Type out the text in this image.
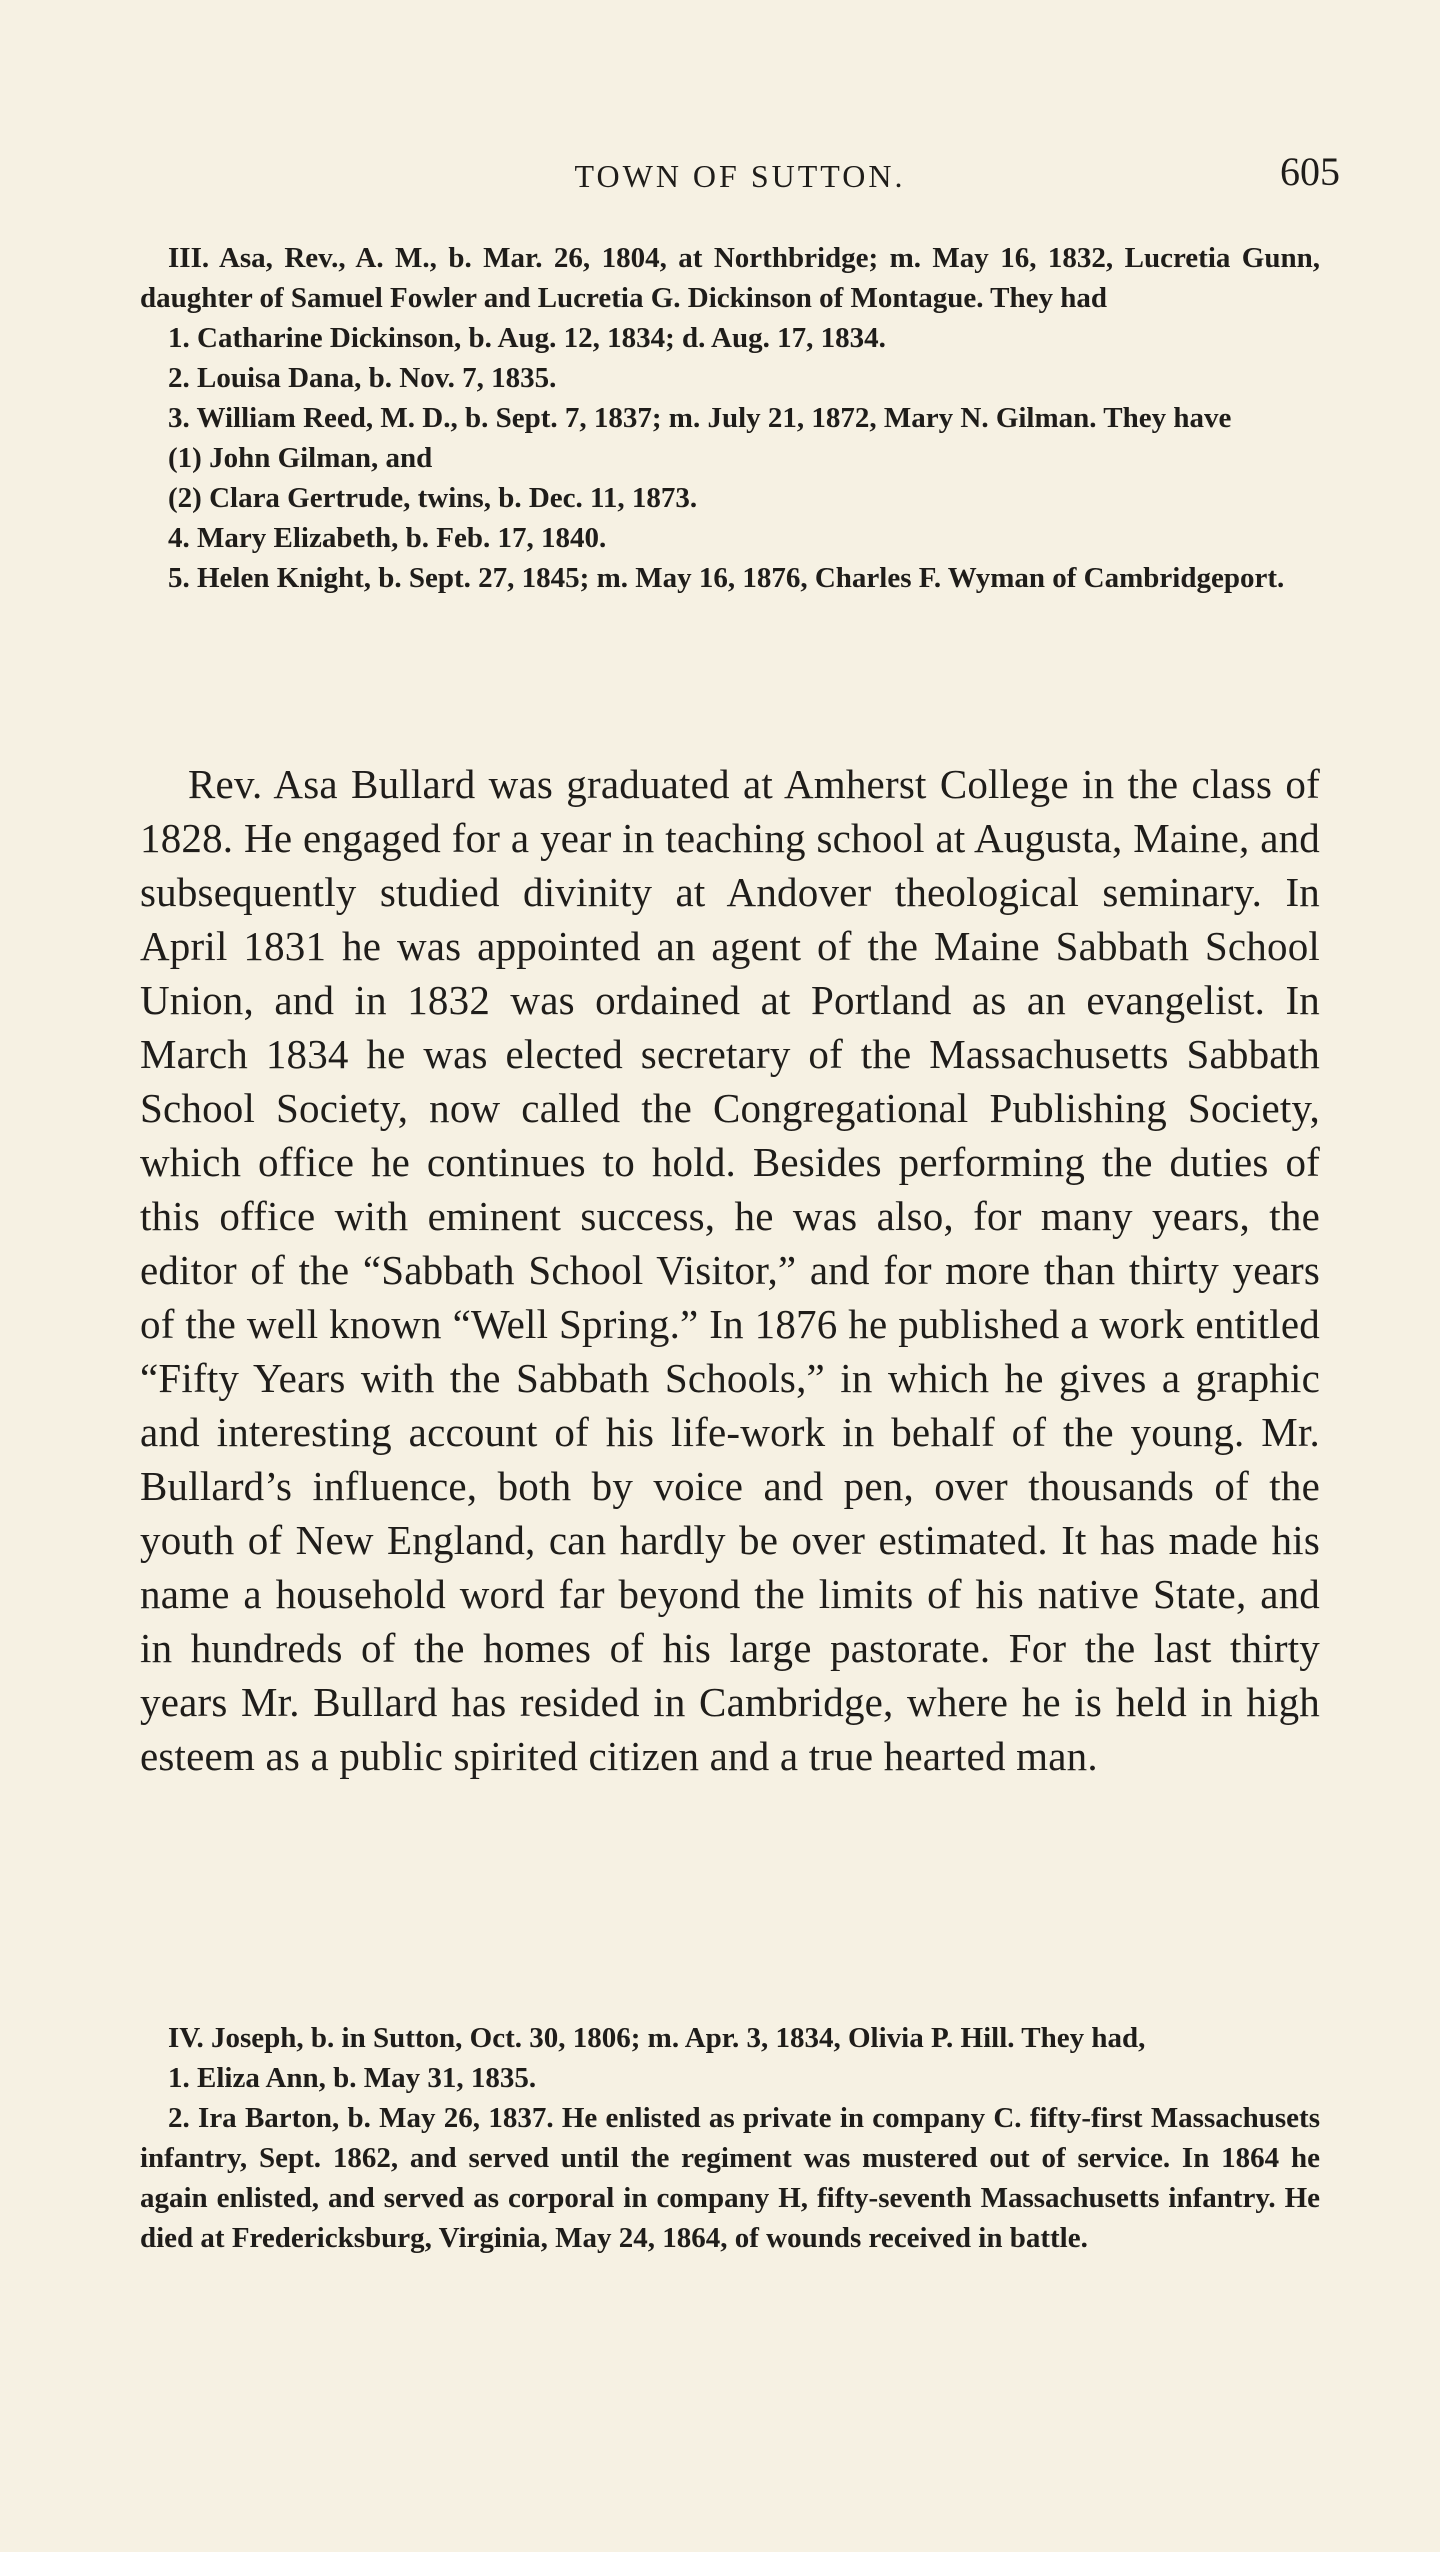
TOWN OF SUTTON.	605

III. Asa, Rev., A. M., b. Mar. 26, 1804, at Northbridge; m. May 16, 1832, Lucretia Gunn, daughter of Samuel Fowler and Lucretia G. Dickinson of Montague. They had

1. Catharine Dickinson, b. Aug. 12, 1834; d. Aug. 17, 1834.

2. Louisa Dana, b. Nov. 7, 1835.

3. William Reed, M. D., b. Sept. 7, 1837; m. July 21, 1872, Mary N. Gilman. They have

(1) John Gilman, and

(2) Clara Gertrude, twins, b. Dec. 11, 1873.

4. Mary Elizabeth, b. Feb. 17, 1840.

5. Helen Knight, b. Sept. 27, 1845; m. May 16, 1876, Charles F. Wyman of Cambridgeport.

Rev. Asa Bullard was graduated at Amherst College in the class of 1828. He engaged for a year in teaching school at Augusta, Maine, and subsequently studied divinity at Andover theological seminary. In April 1831 he was appointed an agent of the Maine Sabbath School Union, and in 1832 was ordained at Portland as an evangelist. In March 1834 he was elected secretary of the Massachusetts Sabbath School Society, now called the Congregational Publishing Society, which office he continues to hold. Besides performing the duties of this office with eminent success, he was also, for many years, the editor of the “Sabbath School Visitor,” and for more than thirty years of the well known “Well Spring.” In 1876 he published a work entitled “Fifty Years with the Sabbath Schools,” in which he gives a graphic and interesting account of his life-work in behalf of the young. Mr. Bullard’s influence, both by voice and pen, over thousands of the youth of New England, can hardly be over estimated. It has made his name a household word far beyond the limits of his native State, and in hundreds of the homes of his large pastorate. For the last thirty years Mr. Bullard has resided in Cambridge, where he is held in high esteem as a public spirited citizen and a true hearted man.

IV. Joseph, b. in Sutton, Oct. 30, 1806; m. Apr. 3, 1834, Olivia P. Hill. They had,

1. Eliza Ann, b. May 31, 1835.

2. Ira Barton, b. May 26, 1837. He enlisted as private in company C. fifty-first Massachusets infantry, Sept. 1862, and served until the regiment was mustered out of service. In 1864 he again enlisted, and served as corporal in company H, fifty-seventh Massachusetts infantry. He died at Fredericksburg, Virginia, May 24, 1864, of wounds received in battle.
